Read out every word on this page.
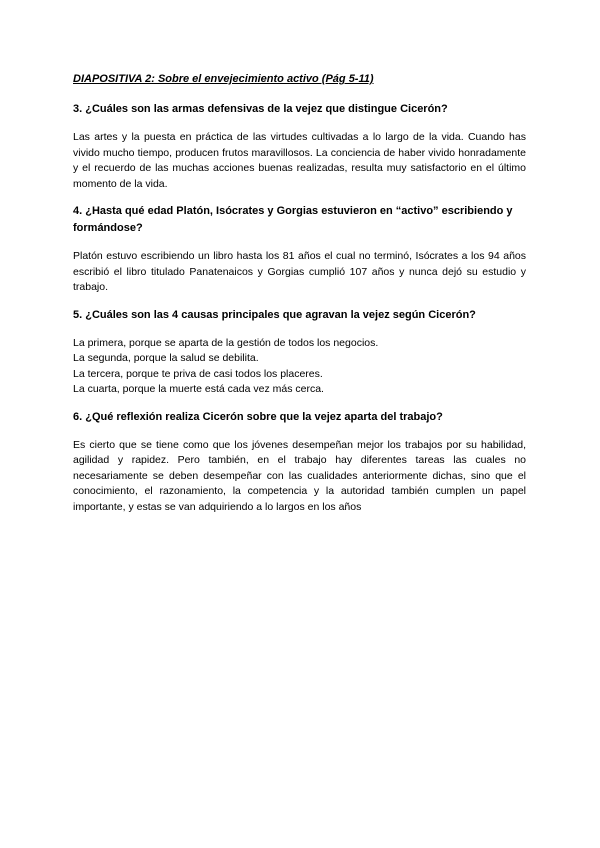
DIAPOSITIVA 2: Sobre el envejecimiento activo (Pág 5-11)
3. ¿Cuáles son las armas defensivas de la vejez que distingue Cicerón?
Las artes y la puesta en práctica de las virtudes cultivadas a lo largo de la vida. Cuando has vivido mucho tiempo, producen frutos maravillosos. La conciencia de haber vivido honradamente y el recuerdo de las muchas acciones buenas realizadas, resulta muy satisfactorio en el último momento de la vida.
4. ¿Hasta qué edad Platón, Isócrates y Gorgias estuvieron en “activo” escribiendo y formándose?
Platón estuvo escribiendo un libro hasta los 81 años el cual no terminó, Isócrates a los 94 años escribió el libro titulado Panatenaicos y Gorgias cumplió 107 años y nunca dejó su estudio y trabajo.
5. ¿Cuáles son las 4 causas principales que agravan la vejez según Cicerón?
La primera, porque se aparta de la gestión de todos los negocios.
La segunda, porque la salud se debilita.
La tercera, porque te priva de casi todos los placeres.
La cuarta, porque la muerte está cada vez más cerca.
6. ¿Qué reflexión realiza Cicerón sobre que la vejez aparta del trabajo?
Es cierto que se tiene como que los jóvenes desempeñan mejor los trabajos por su habilidad, agilidad y rapidez. Pero también, en el trabajo hay diferentes tareas las cuales no necesariamente se deben desempeñar con las cualidades anteriormente dichas, sino que el conocimiento, el razonamiento, la competencia y la autoridad también cumplen un papel importante, y estas se van adquiriendo a lo largos en los años
